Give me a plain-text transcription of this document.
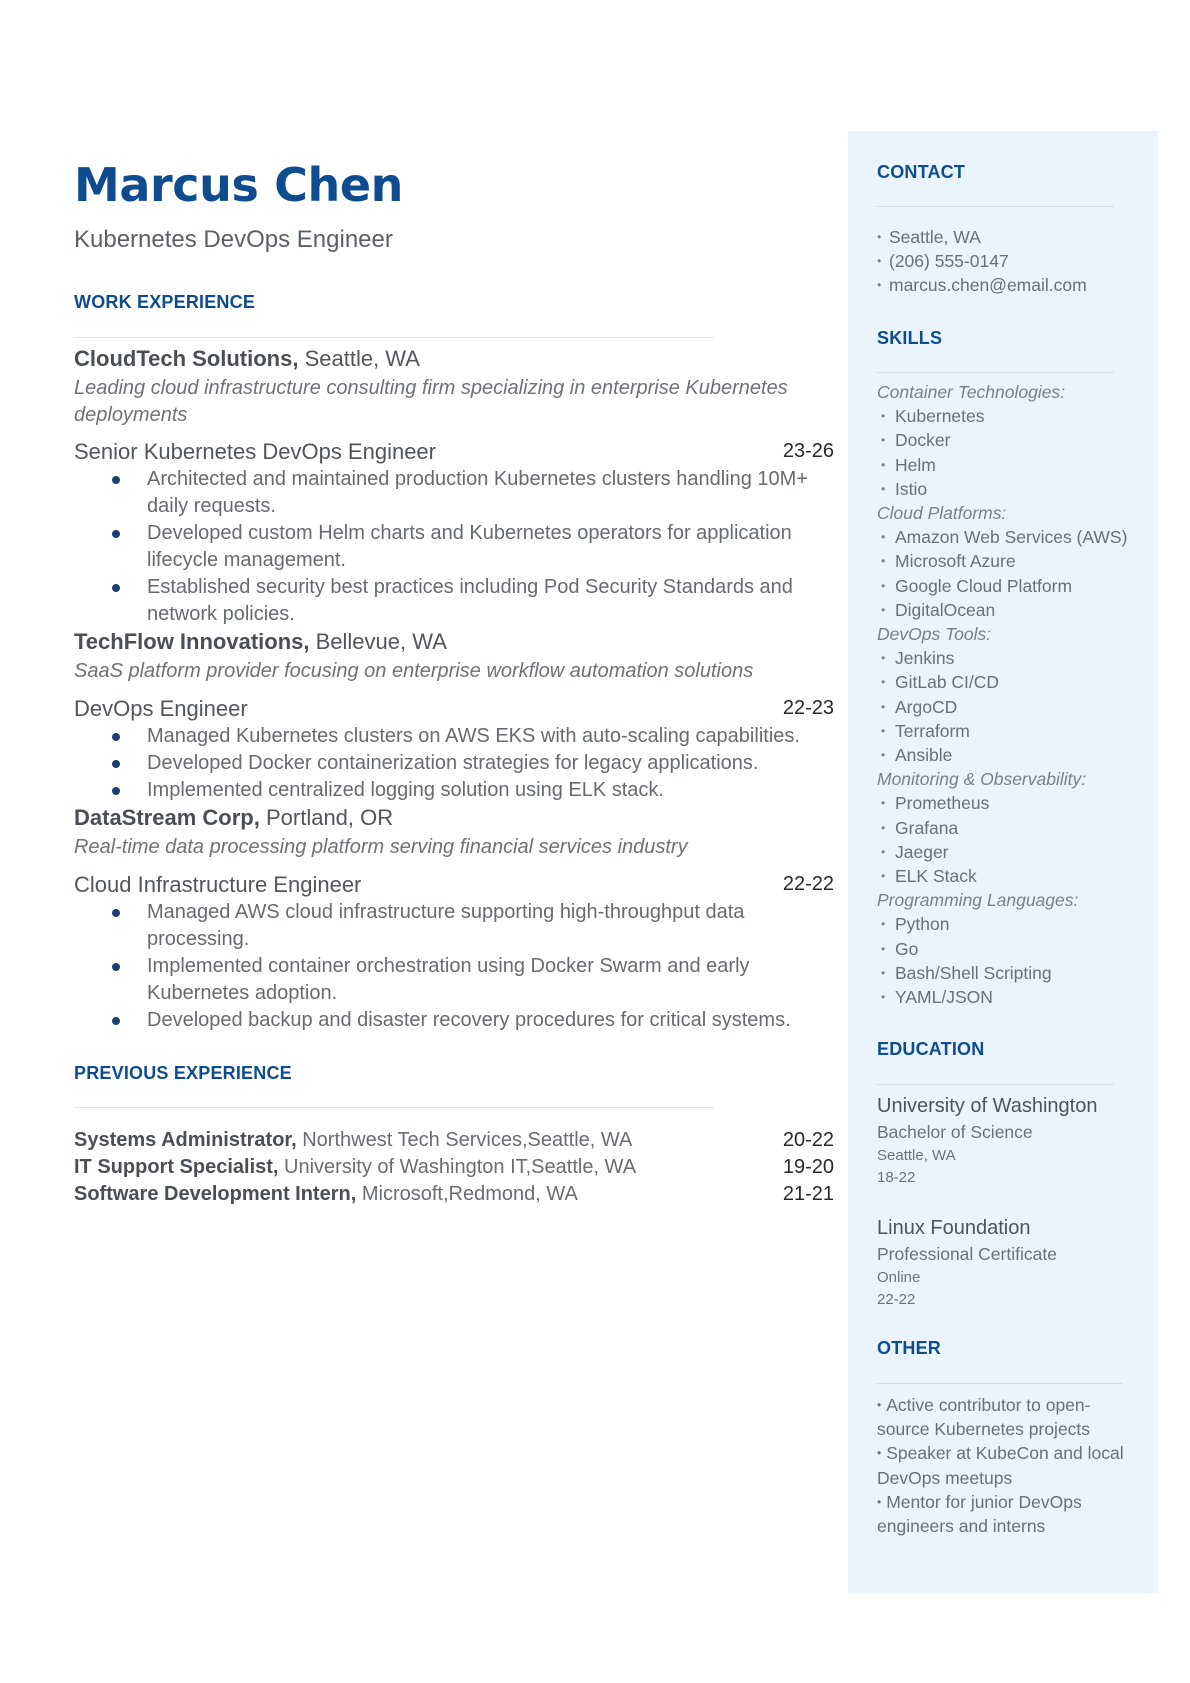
Marcus Chen
Kubernetes DevOps Engineer
WORK EXPERIENCE
CloudTech Solutions, Seattle, WA
Leading cloud infrastructure consulting firm specializing in enterprise Kubernetes deployments
Senior Kubernetes DevOps Engineer	23-26
Architected and maintained production Kubernetes clusters handling 10M+ daily requests.
Developed custom Helm charts and Kubernetes operators for application lifecycle management.
Established security best practices including Pod Security Standards and network policies.
TechFlow Innovations, Bellevue, WA
SaaS platform provider focusing on enterprise workflow automation solutions
DevOps Engineer	22-23
Managed Kubernetes clusters on AWS EKS with auto-scaling capabilities.
Developed Docker containerization strategies for legacy applications.
Implemented centralized logging solution using ELK stack.
DataStream Corp, Portland, OR
Real-time data processing platform serving financial services industry
Cloud Infrastructure Engineer	22-22
Managed AWS cloud infrastructure supporting high-throughput data processing.
Implemented container orchestration using Docker Swarm and early Kubernetes adoption.
Developed backup and disaster recovery procedures for critical systems.
PREVIOUS EXPERIENCE
Systems Administrator, Northwest Tech Services,Seattle, WA	20-22
IT Support Specialist, University of Washington IT,Seattle, WA	19-20
Software Development Intern, Microsoft,Redmond, WA	21-21
CONTACT
• Seattle, WA
• (206) 555-0147
• marcus.chen@email.com
SKILLS
Container Technologies:
• Kubernetes
• Docker
• Helm
• Istio
Cloud Platforms:
• Amazon Web Services (AWS)
• Microsoft Azure
• Google Cloud Platform
• DigitalOcean
DevOps Tools:
• Jenkins
• GitLab CI/CD
• ArgoCD
• Terraform
• Ansible
Monitoring & Observability:
• Prometheus
• Grafana
• Jaeger
• ELK Stack
Programming Languages:
• Python
• Go
• Bash/Shell Scripting
• YAML/JSON
EDUCATION
University of Washington
Bachelor of Science
Seattle, WA
18-22
Linux Foundation
Professional Certificate
Online
22-22
OTHER
• Active contributor to open-source Kubernetes projects
• Speaker at KubeCon and local DevOps meetups
• Mentor for junior DevOps engineers and interns
